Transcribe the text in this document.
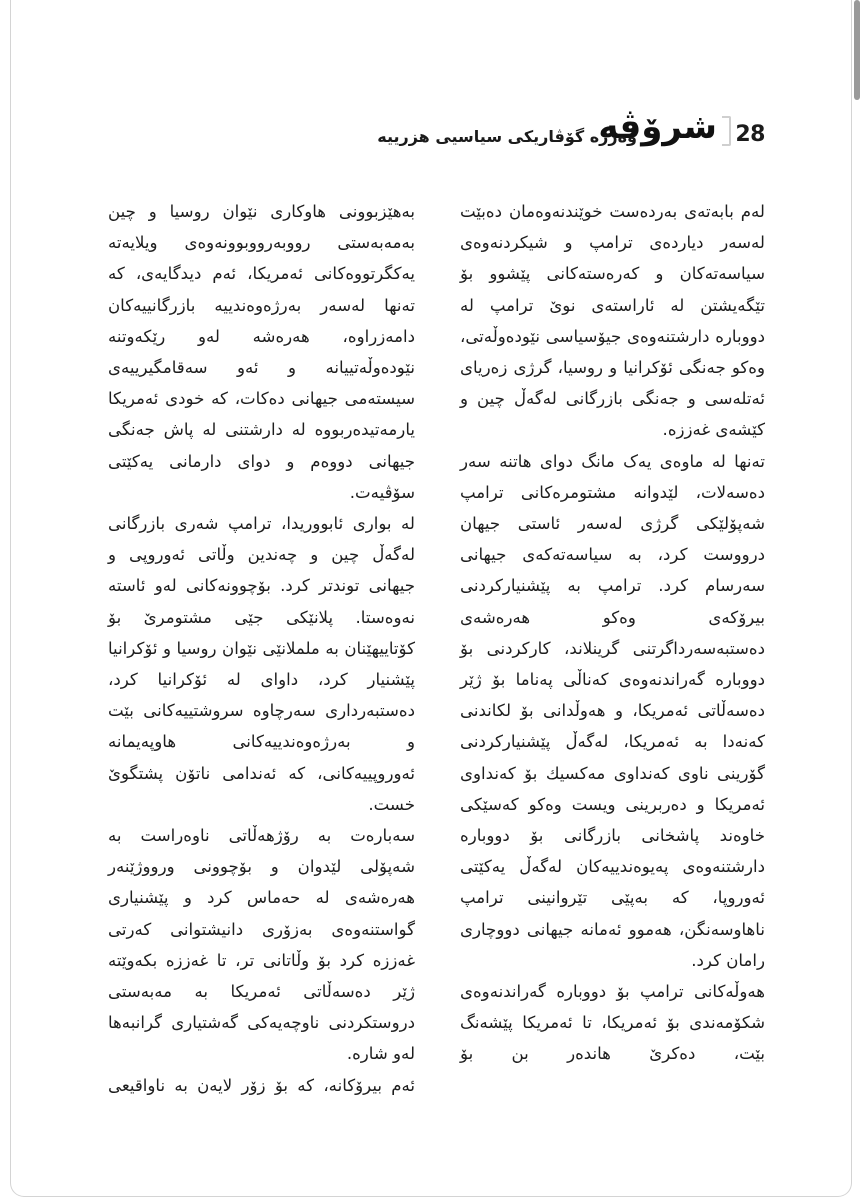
28
شرۆڤە
وەرزە گۆڤاریکی سیاسیی هزرییە

لەم بابەتەی بەردەست خوێندنەوەمان دەبێت لەسەر دیاردەی ترامپ و شیکردنەوەی سیاسەتەکان و کەرەستەکانی پێشوو بۆ تێگەیشتن لە ئاراستەی نوێ ترامپ لە دووبارە دارشتنەوەی جیۆسیاسی نێودەوڵەتی، وەکو جەنگی ئۆکرانیا و روسیا، گرژی زەریای ئەتلەسی و جەنگی بازرگانی لەگەڵ چین و کێشەی غەززە.

تەنها لە ماوەی یەک مانگ دوای هاتنە سەر دەسەلات، لێدوانە مشتومرەکانی ترامپ شەپۆلێکی گرژی لەسەر ئاستی جیهان درووست کرد، بە سیاسەتەکەی جیهانی سەرسام کرد. ترامپ بە پێشنیارکردنی بیرۆکەی وەکو هەرەشەی دەستبەسەرداگرتنی گرینلاند، کارکردنی بۆ دووبارە گەراندنەوەی کەناڵی پەناما بۆ ژێر دەسەڵاتی ئەمریکا، و هەوڵدانی بۆ لکاندنی کەنەدا بە ئەمریکا، لەگەڵ پێشنیارکردنی گۆرینی ناوی کەنداوی مەکسیك بۆ کەنداوی ئەمریکا و دەربرینی ویست وەکو کەسێکی خاوەند پاشخانی بازرگانی بۆ دووبارە دارشتنەوەی پەیوەندییەکان لەگەڵ یەکێتی ئەوروپا، کە بەپێی تێروانینی ترامپ ناهاوسەنگن، هەموو ئەمانە جیهانی دووچاری رامان کرد.

هەوڵەکانی ترامپ بۆ دووبارە گەراندنەوەی شکۆمەندی بۆ ئەمریکا، تا ئەمریکا پێشەنگ بێت، دەکرێ هاندەر بن بۆ

بەهێزبوونی هاوکاری نێوان روسیا و چین بەمەبەستی رووبەرووبوونەوەی ویلایەتە یەکگرتووەکانی ئەمریکا، ئەم دیدگایەی، کە تەنها لەسەر بەرژەوەندییە بازرگانییەکان دامەزراوە، هەرەشە لەو رێکەوتنە نێودەوڵەتییانە و ئەو سەقامگیرییەی سیستەمی جیهانی دەکات، کە خودی ئەمریکا یارمەتیدەربووە لە دارشتنی لە پاش جەنگی جیهانی دووەم و دوای دارمانی یەکێتی سۆڤیەت.

لە بواری ئابووریدا، ترامپ شەری بازرگانی لەگەڵ چین و چەندین وڵاتی ئەوروپی و جیهانی توندتر کرد. بۆچوونەکانی لەو ئاستە نەوەستا. پلانێکی جێی مشتومرێ بۆ کۆتاییهێنان بە ململانێی نێوان روسیا و ئۆکرانیا پێشنیار کرد، داوای لە ئۆکرانیا کرد، دەستبەرداری سەرچاوە سروشتییەکانی بێت و بەرژەوەندییەکانی هاوپەیمانە ئەوروپییەکانی، کە ئەندامی ناتۆن پشتگوێ خست.

سەبارەت بە رۆژهەڵاتی ناوەراست بە شەپۆلی لێدوان و بۆچوونی ورووژێنەر هەرەشەی لە حەماس کرد و پێشنیاری گواستنەوەی بەزۆری دانیشتوانی کەرتی غەززە کرد بۆ وڵاتانی تر، تا غەززە بکەوێتە ژێر دەسەڵاتی ئەمریکا بە مەبەستی دروستکردنی ناوچەیەکی گەشتیاری گرانبەها لەو شارە.

ئەم بیرۆکانە، کە بۆ زۆر لایەن بە ناواقیعی
